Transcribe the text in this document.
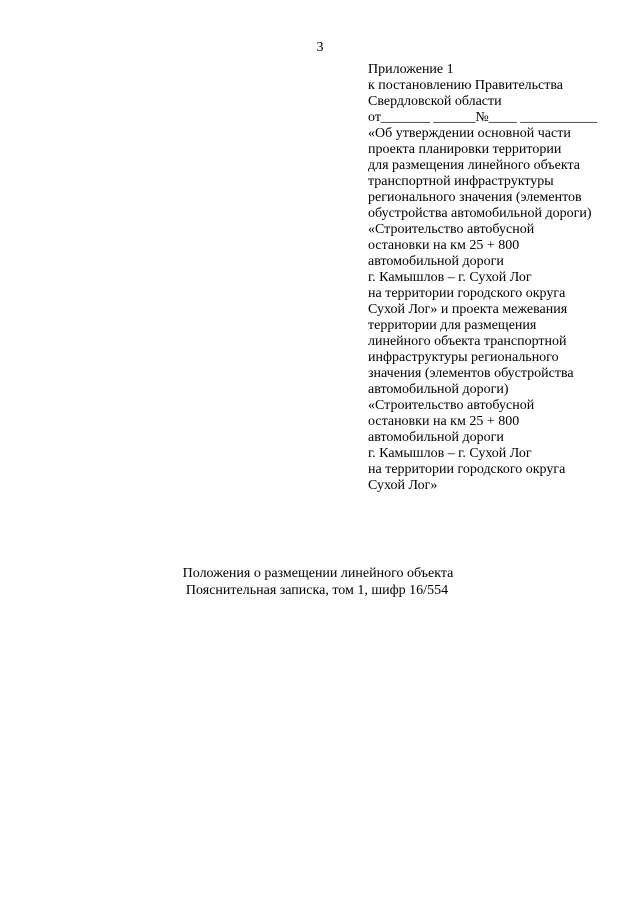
3
Приложение 1
к постановлению Правительства
Свердловской области
от_______ ______№____ ___________
«Об утверждении основной части
проекта планировки территории
для размещения линейного объекта
транспортной инфраструктуры
регионального значения (элементов
обустройства автомобильной дороги)
«Строительство автобусной
остановки на км 25 + 800
автомобильной дороги
г. Камышлов – г. Сухой Лог
на территории городского округа
Сухой Лог» и проекта межевания
территории для размещения
линейного объекта транспортной
инфраструктуры регионального
значения (элементов обустройства
автомобильной дороги)
«Строительство автобусной
остановки на км 25 + 800
автомобильной дороги
г. Камышлов – г. Сухой Лог
на территории городского округа
Сухой Лог»
Положения о размещении линейного объекта
Пояснительная записка, том 1, шифр 16/554
